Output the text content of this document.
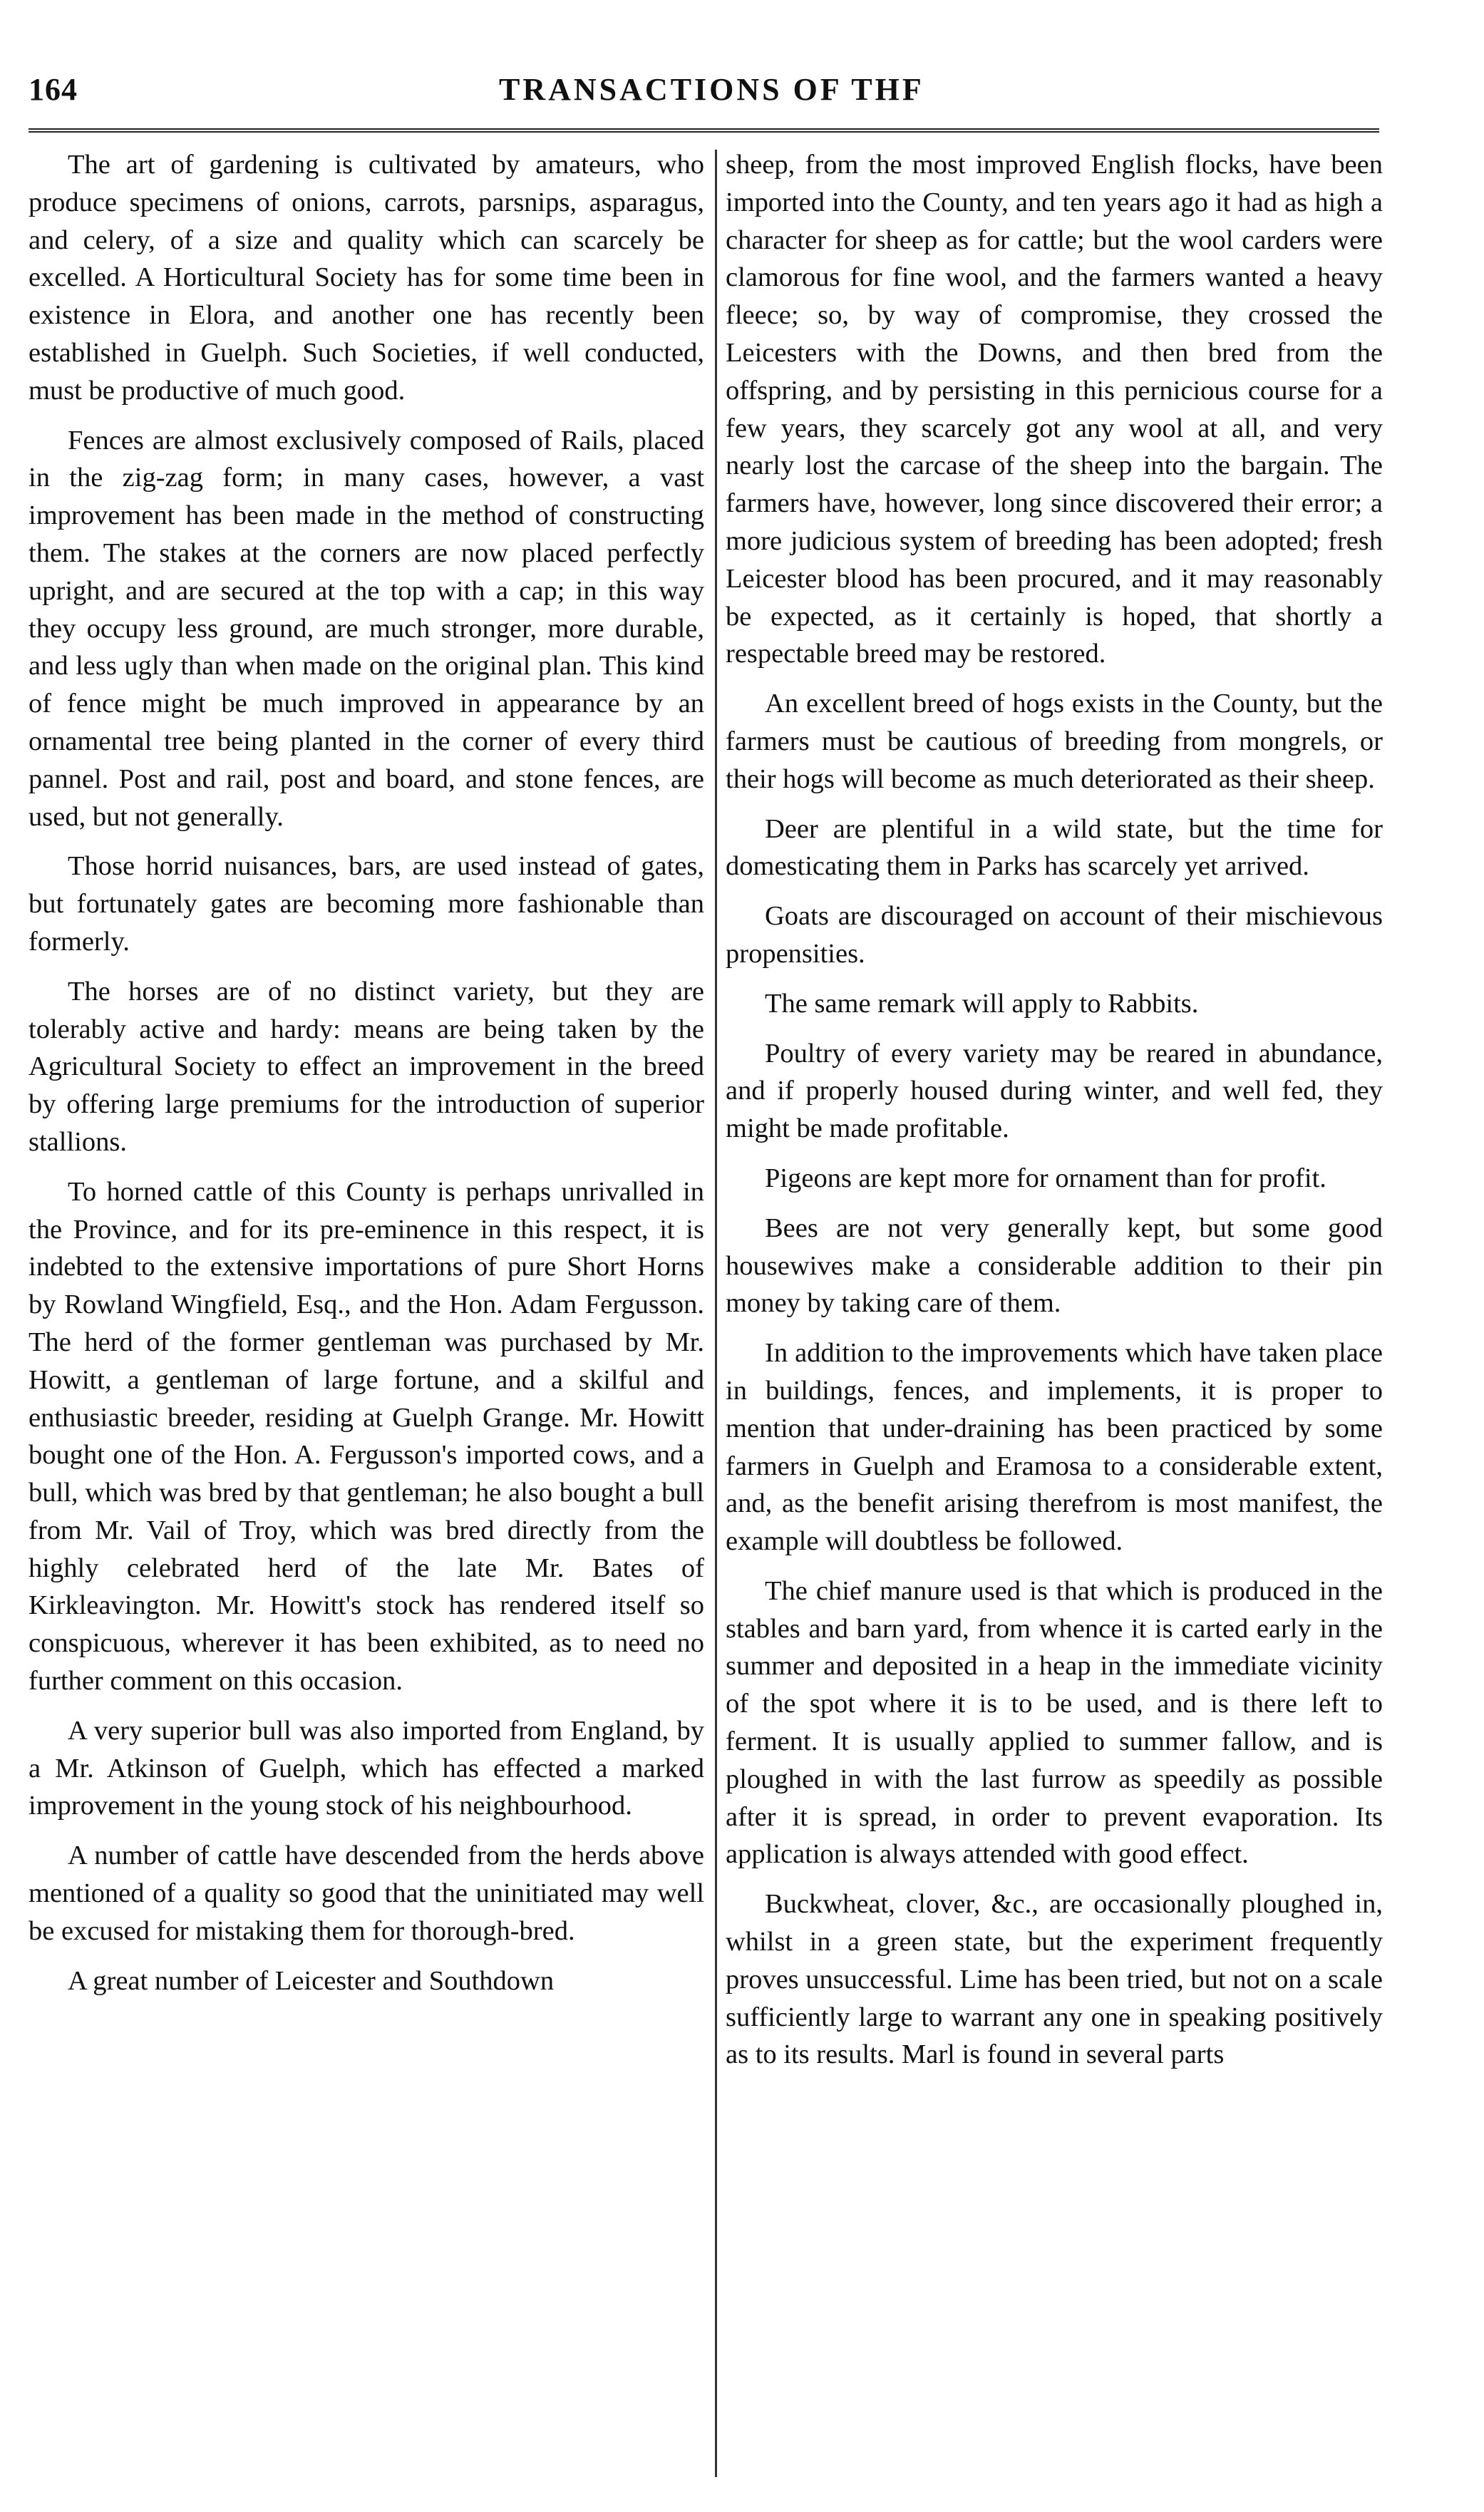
164	TRANSACTIONS OF THF

The art of gardening is cultivated by amateurs, who produce specimens of onions, carrots, parsnips, asparagus, and celery, of a size and quality which can scarcely be excelled. A Horticultural Society has for some time been in existence in Elora, and another one has recently been established in Guelph. Such Societies, if well conducted, must be productive of much good.

Fences are almost exclusively composed of Rails, placed in the zig-zag form; in many cases, however, a vast improvement has been made in the method of constructing them. The stakes at the corners are now placed perfectly upright, and are secured at the top with a cap; in this way they occupy less ground, are much stronger, more durable, and less ugly than when made on the original plan. This kind of fence might be much improved in appearance by an ornamental tree being planted in the corner of every third pannel. Post and rail, post and board, and stone fences, are used, but not generally.

Those horrid nuisances, bars, are used instead of gates, but fortunately gates are becoming more fashionable than formerly.

The horses are of no distinct variety, but they are tolerably active and hardy: means are being taken by the Agricultural Society to effect an improvement in the breed by offering large premiums for the introduction of superior stallions.

To horned cattle of this County is perhaps unrivalled in the Province, and for its pre-eminence in this respect, it is indebted to the extensive importations of pure Short Horns by Rowland Wingfield, Esq., and the Hon. Adam Fergusson. The herd of the former gentleman was purchased by Mr. Howitt, a gentleman of large fortune, and a skilful and enthusiastic breeder, residing at Guelph Grange. Mr. Howitt bought one of the Hon. A. Fergusson's imported cows, and a bull, which was bred by that gentleman; he also bought a bull from Mr. Vail of Troy, which was bred directly from the highly celebrated herd of the late Mr. Bates of Kirkleavington. Mr. Howitt's stock has rendered itself so conspicuous, wherever it has been exhibited, as to need no further comment on this occasion.

A very superior bull was also imported from England, by a Mr. Atkinson of Guelph, which has effected a marked improvement in the young stock of his neighbourhood.

A number of cattle have descended from the herds above mentioned of a quality so good that the uninitiated may well be excused for mistaking them for thorough-bred.

A great number of Leicester and Southdown

sheep, from the most improved English flocks, have been imported into the County, and ten years ago it had as high a character for sheep as for cattle; but the wool carders were clamorous for fine wool, and the farmers wanted a heavy fleece; so, by way of compromise, they crossed the Leicesters with the Downs, and then bred from the offspring, and by persisting in this pernicious course for a few years, they scarcely got any wool at all, and very nearly lost the carcase of the sheep into the bargain. The farmers have, however, long since discovered their error; a more judicious system of breeding has been adopted; fresh Leicester blood has been procured, and it may reasonably be expected, as it certainly is hoped, that shortly a respectable breed may be restored.

An excellent breed of hogs exists in the County, but the farmers must be cautious of breeding from mongrels, or their hogs will become as much deteriorated as their sheep.

Deer are plentiful in a wild state, but the time for domesticating them in Parks has scarcely yet arrived.

Goats are discouraged on account of their mischievous propensities.

The same remark will apply to Rabbits.

Poultry of every variety may be reared in abundance, and if properly housed during winter, and well fed, they might be made profitable.

Pigeons are kept more for ornament than for profit.

Bees are not very generally kept, but some good housewives make a considerable addition to their pin money by taking care of them.

In addition to the improvements which have taken place in buildings, fences, and implements, it is proper to mention that under-draining has been practiced by some farmers in Guelph and Eramosa to a considerable extent, and, as the benefit arising therefrom is most manifest, the example will doubtless be followed.

The chief manure used is that which is produced in the stables and barn yard, from whence it is carted early in the summer and deposited in a heap in the immediate vicinity of the spot where it is to be used, and is there left to ferment. It is usually applied to summer fallow, and is ploughed in with the last furrow as speedily as possible after it is spread, in order to prevent evaporation. Its application is always attended with good effect.

Buckwheat, clover, &c., are occasionally ploughed in, whilst in a green state, but the experiment frequently proves unsuccessful. Lime has been tried, but not on a scale sufficiently large to warrant any one in speaking positively as to its results. Marl is found in several parts
